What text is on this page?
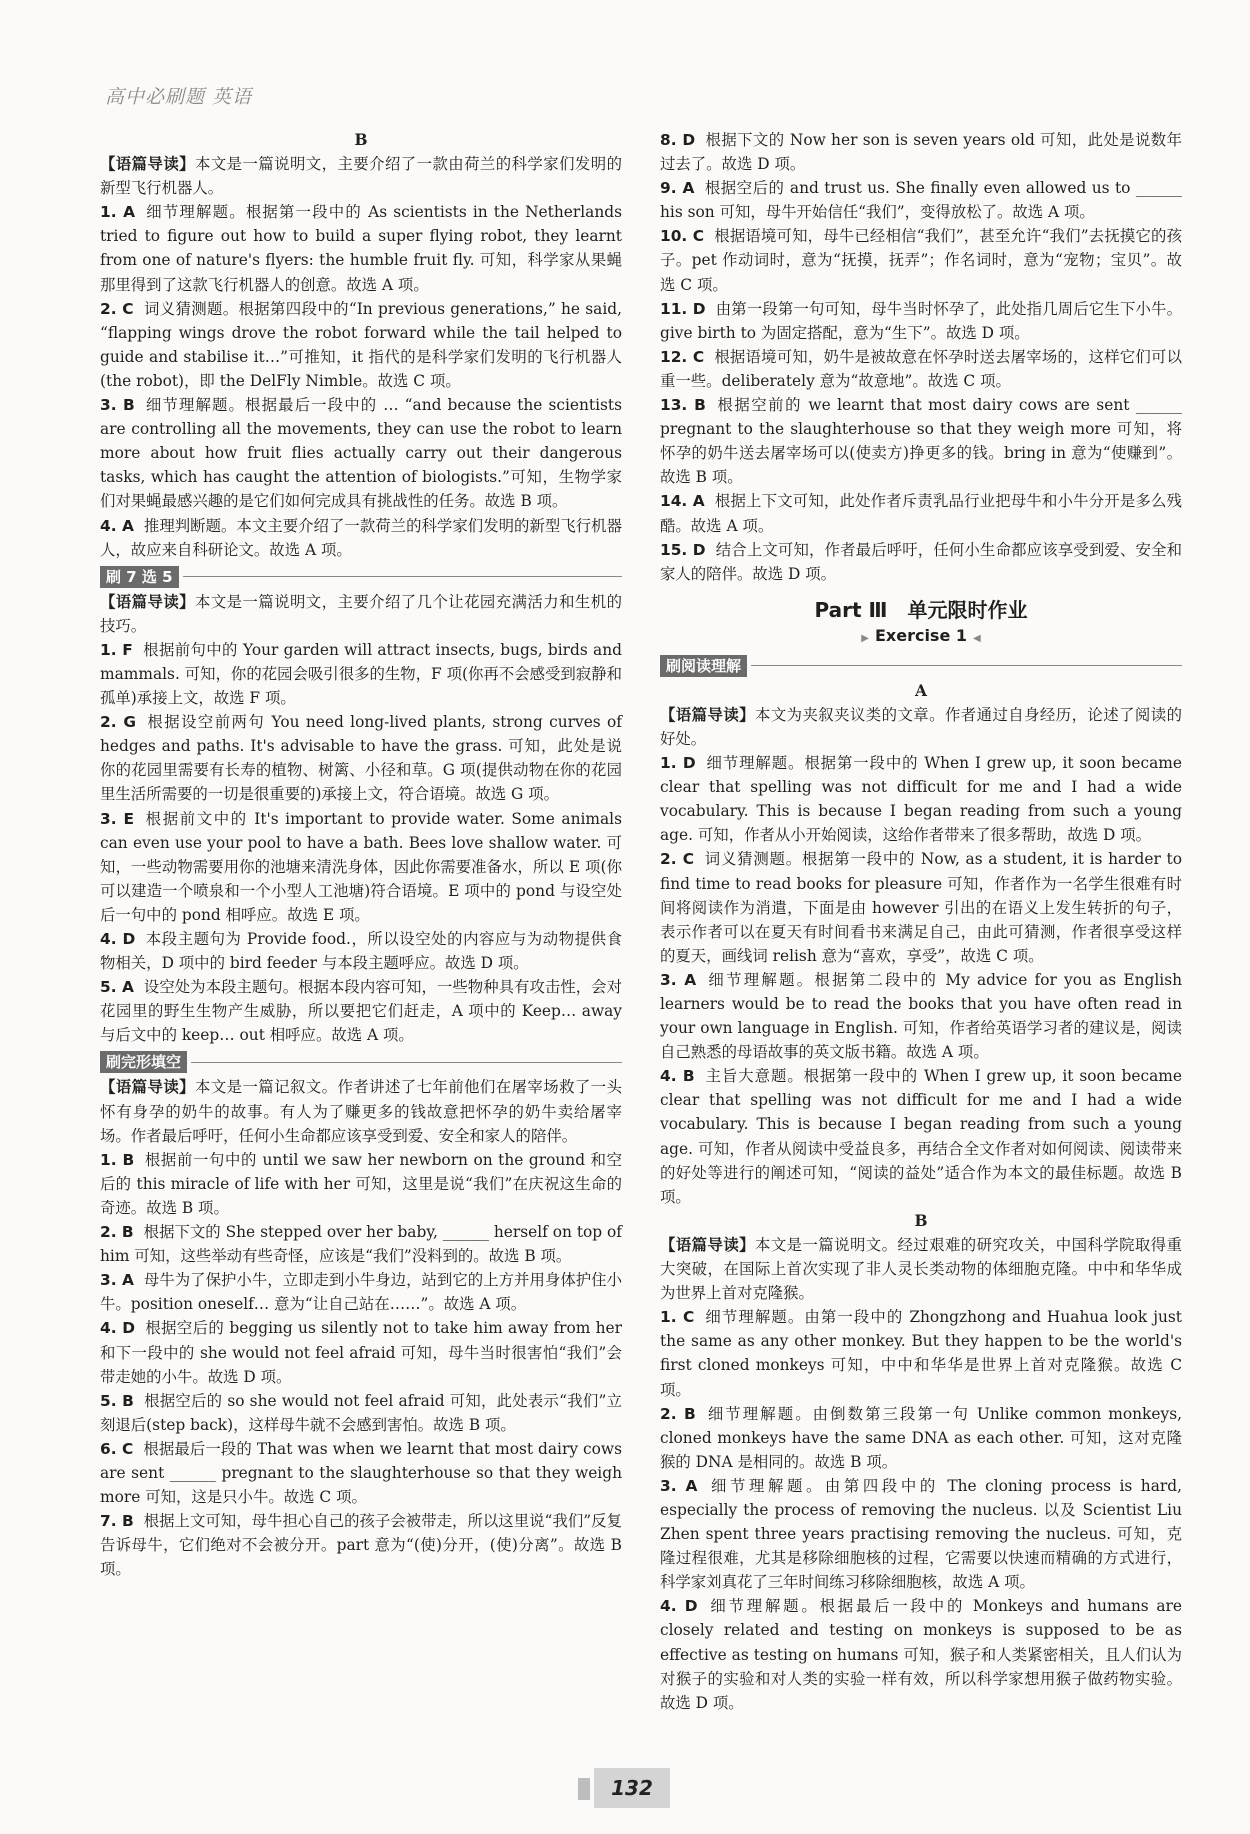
高中必刷题 英语
B

【语篇导读】本文是一篇说明文，主要介绍了一款由荷兰的科学家们发明的新型飞行机器人。

1. A 细节理解题。根据第一段中的 As scientists in the Netherlands tried to figure out how to build a super flying robot, they learnt from one of nature's flyers: the humble fruit fly. 可知，科学家从果蝇那里得到了这款飞行机器人的创意。故选 A 项。

2. C 词义猜测题。根据第四段中的“In previous generations,” he said, “flapping wings drove the robot forward while the tail helped to guide and stabilise it…”可推知，it 指代的是科学家们发明的飞行机器人(the robot)，即 the DelFly Nimble。故选 C 项。

3. B 细节理解题。根据最后一段中的 … “and because the scientists are controlling all the movements, they can use the robot to learn more about how fruit flies actually carry out their dangerous tasks, which has caught the attention of biologists.”可知，生物学家们对果蝇最感兴趣的是它们如何完成具有挑战性的任务。故选 B 项。

4. A 推理判断题。本文主要介绍了一款荷兰的科学家们发明的新型飞行机器人，故应来自科研论文。故选 A 项。

刷 7 选 5

【语篇导读】本文是一篇说明文，主要介绍了几个让花园充满活力和生机的技巧。

1. F 根据前句中的 Your garden will attract insects, bugs, birds and mammals. 可知，你的花园会吸引很多的生物，F 项(你再不会感受到寂静和孤单)承接上文，故选 F 项。

2. G 根据设空前两句 You need long-lived plants, strong curves of hedges and paths. It's advisable to have the grass. 可知，此处是说你的花园里需要有长寿的植物、树篱、小径和草。G 项(提供动物在你的花园里生活所需要的一切是很重要的)承接上文，符合语境。故选 G 项。

3. E 根据前文中的 It's important to provide water. Some animals can even use your pool to have a bath. Bees love shallow water. 可知，一些动物需要用你的池塘来清洗身体，因此你需要准备水，所以 E 项(你可以建造一个喷泉和一个小型人工池塘)符合语境。E 项中的 pond 与设空处后一句中的 pond 相呼应。故选 E 项。

4. D 本段主题句为 Provide food.，所以设空处的内容应与为动物提供食物相关，D 项中的 bird feeder 与本段主题呼应。故选 D 项。

5. A 设空处为本段主题句。根据本段内容可知，一些物种具有攻击性，会对花园里的野生生物产生威胁，所以要把它们赶走，A 项中的 Keep… away 与后文中的 keep… out 相呼应。故选 A 项。

刷完形填空

【语篇导读】本文是一篇记叙文。作者讲述了七年前他们在屠宰场救了一头怀有身孕的奶牛的故事。有人为了赚更多的钱故意把怀孕的奶牛卖给屠宰场。作者最后呼吁，任何小生命都应该享受到爱、安全和家人的陪伴。

1. B 根据前一句中的 until we saw her newborn on the ground 和空后的 this miracle of life with her 可知，这里是说“我们”在庆祝这生命的奇迹。故选 B 项。

2. B 根据下文的 She stepped over her baby, ______ herself on top of him 可知，这些举动有些奇怪，应该是“我们”没料到的。故选 B 项。

3. A 母牛为了保护小牛，立即走到小牛身边，站到它的上方并用身体护住小牛。position oneself… 意为“让自己站在……”。故选 A 项。

4. D 根据空后的 begging us silently not to take him away from her 和下一段中的 she would not feel afraid 可知，母牛当时很害怕“我们”会带走她的小牛。故选 D 项。

5. B 根据空后的 so she would not feel afraid 可知，此处表示“我们”立刻退后(step back)，这样母牛就不会感到害怕。故选 B 项。

6. C 根据最后一段的 That was when we learnt that most dairy cows are sent ______ pregnant to the slaughterhouse so that they weigh more 可知，这是只小牛。故选 C 项。

7. B 根据上文可知，母牛担心自己的孩子会被带走，所以这里说“我们”反复告诉母牛，它们绝对不会被分开。part 意为“(使)分开，(使)分离”。故选 B 项。

8. D 根据下文的 Now her son is seven years old 可知，此处是说数年过去了。故选 D 项。

9. A 根据空后的 and trust us. She finally even allowed us to ______ his son 可知，母牛开始信任“我们”，变得放松了。故选 A 项。

10. C 根据语境可知，母牛已经相信“我们”，甚至允许“我们”去抚摸它的孩子。pet 作动词时，意为“抚摸，抚弄”；作名词时，意为“宠物；宝贝”。故选 C 项。

11. D 由第一段第一句可知，母牛当时怀孕了，此处指几周后它生下小牛。give birth to 为固定搭配，意为“生下”。故选 D 项。

12. C 根据语境可知，奶牛是被故意在怀孕时送去屠宰场的，这样它们可以重一些。deliberately 意为“故意地”。故选 C 项。

13. B 根据空前的 we learnt that most dairy cows are sent ______ pregnant to the slaughterhouse so that they weigh more 可知，将怀孕的奶牛送去屠宰场可以(使卖方)挣更多的钱。bring in 意为“使赚到”。故选 B 项。

14. A 根据上下文可知，此处作者斥责乳品行业把母牛和小牛分开是多么残酷。故选 A 项。

15. D 结合上文可知，作者最后呼吁，任何小生命都应该享受到爱、安全和家人的陪伴。故选 D 项。

Part Ⅲ　单元限时作业
▶ Exercise 1 ◀
刷阅读理解
A

【语篇导读】本文为夹叙夹议类的文章。作者通过自身经历，论述了阅读的好处。

1. D 细节理解题。根据第一段中的 When I grew up, it soon became clear that spelling was not difficult for me and I had a wide vocabulary. This is because I began reading from such a young age. 可知，作者从小开始阅读，这给作者带来了很多帮助，故选 D 项。

2. C 词义猜测题。根据第一段中的 Now, as a student, it is harder to find time to read books for pleasure 可知，作者作为一名学生很难有时间将阅读作为消遣，下面是由 however 引出的在语义上发生转折的句子，表示作者可以在夏天有时间看书来满足自己，由此可猜测，作者很享受这样的夏天，画线词 relish 意为“喜欢，享受”，故选 C 项。

3. A 细节理解题。根据第二段中的 My advice for you as English learners would be to read the books that you have often read in your own language in English. 可知，作者给英语学习者的建议是，阅读自己熟悉的母语故事的英文版书籍。故选 A 项。

4. B 主旨大意题。根据第一段中的 When I grew up, it soon became clear that spelling was not difficult for me and I had a wide vocabulary. This is because I began reading from such a young age. 可知，作者从阅读中受益良多，再结合全文作者对如何阅读、阅读带来的好处等进行的阐述可知，“阅读的益处”适合作为本文的最佳标题。故选 B 项。

B

【语篇导读】本文是一篇说明文。经过艰难的研究攻关，中国科学院取得重大突破，在国际上首次实现了非人灵长类动物的体细胞克隆。中中和华华成为世界上首对克隆猴。

1. C 细节理解题。由第一段中的 Zhongzhong and Huahua look just the same as any other monkey. But they happen to be the world's first cloned monkeys 可知，中中和华华是世界上首对克隆猴。故选 C 项。

2. B 细节理解题。由倒数第三段第一句 Unlike common monkeys, cloned monkeys have the same DNA as each other. 可知，这对克隆猴的 DNA 是相同的。故选 B 项。

3. A 细节理解题。由第四段中的 The cloning process is hard, especially the process of removing the nucleus. 以及 Scientist Liu Zhen spent three years practising removing the nucleus. 可知，克隆过程很难，尤其是移除细胞核的过程，它需要以快速而精确的方式进行，科学家刘真花了三年时间练习移除细胞核，故选 A 项。

4. D 细节理解题。根据最后一段中的 Monkeys and humans are closely related and testing on monkeys is supposed to be as effective as testing on humans 可知，猴子和人类紧密相关，且人们认为对猴子的实验和对人类的实验一样有效，所以科学家想用猴子做药物实验。故选 D 项。

132
